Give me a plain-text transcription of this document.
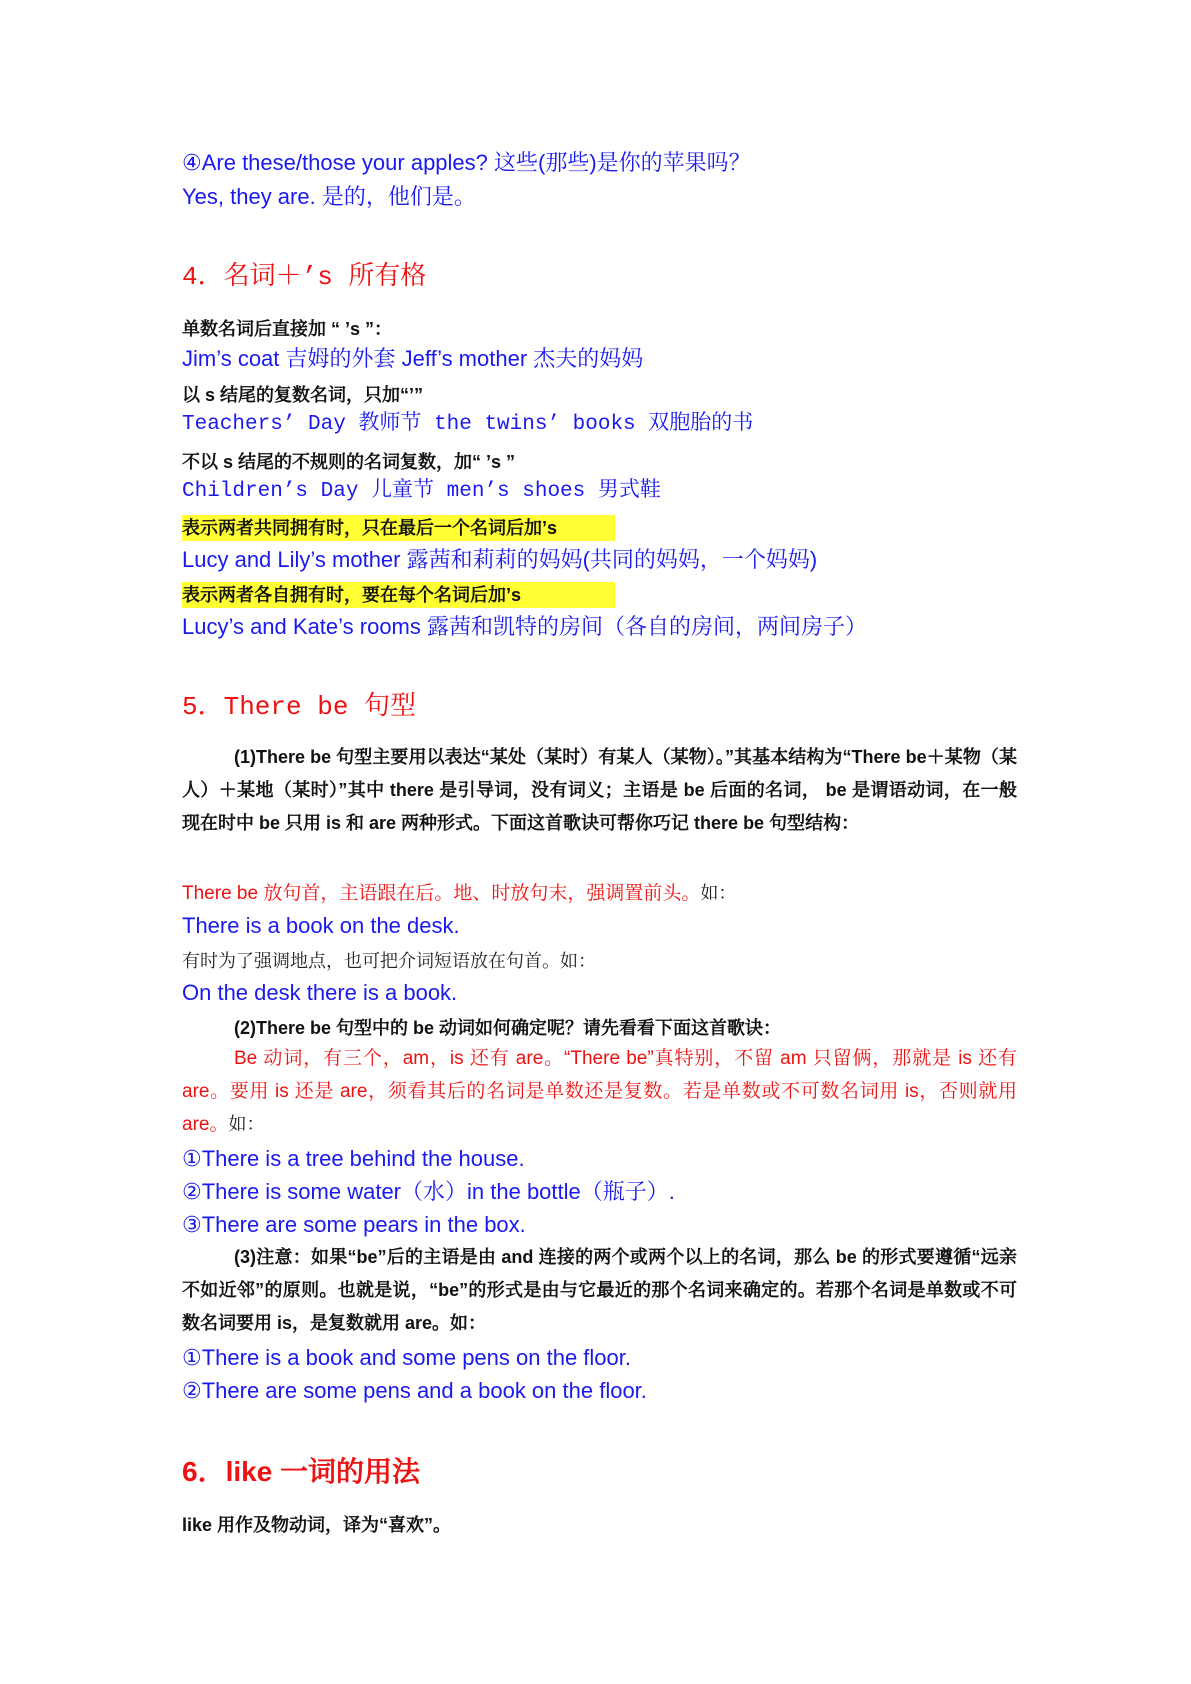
④Are these/those your apples? 这些(那些)是你的苹果吗？
Yes, they are. 是的，他们是。
4．名词＋’s 所有格
单数名词后直接加 “ ’s ”：
Jim’s coat 吉姆的外套 Jeff’s mother 杰夫的妈妈
以 s 结尾的复数名词，只加“’”
Teachers’ Day 教师节 the twins’ books 双胞胎的书
不以 s 结尾的不规则的名词复数，加“ ’s ”
Children’s Day 儿童节 men’s shoes 男式鞋
表示两者共同拥有时，只在最后一个名词后加’s
Lucy and Lily’s mother 露茜和莉莉的妈妈(共同的妈妈，一个妈妈)
表示两者各自拥有时，要在每个名词后加’s
Lucy’s and Kate’s rooms 露茜和凯特的房间（各自的房间，两间房子）
5．There be 句型
(1)There be 句型主要用以表达“某处（某时）有某人（某物）。”其基本结构为“There be＋某物（某人）＋某地（某时）”其中 there 是引导词，没有词义；主语是 be 后面的名词， be 是谓语动词，在一般现在时中 be 只用 is 和 are 两种形式。下面这首歌诀可帮你巧记 there be 句型结构：
There be 放句首，主语跟在后。地、时放句末，强调置前头。如：
There is a book on the desk.
有时为了强调地点，也可把介词短语放在句首。如：
On the desk there is a book.
(2)There be 句型中的 be 动词如何确定呢？请先看看下面这首歌诀：
Be 动词，有三个，am，is 还有 are。“There be”真特别，不留 am 只留俩，那就是 is 还有 are。要用 is 还是 are，须看其后的名词是单数还是复数。若是单数或不可数名词用 is，否则就用 are。如：
①There is a tree behind the house.
②There is some water（水）in the bottle（瓶子）.
③There are some pears in the box.
(3)注意：如果“be”后的主语是由 and 连接的两个或两个以上的名词，那么 be 的形式要遵循“远亲不如近邻”的原则。也就是说，“be”的形式是由与它最近的那个名词来确定的。若那个名词是单数或不可数名词要用 is，是复数就用 are。如：
①There is a book and some pens on the floor.
②There are some pens and a book on the floor.
6．like 一词的用法
like 用作及物动词，译为“喜欢”。
